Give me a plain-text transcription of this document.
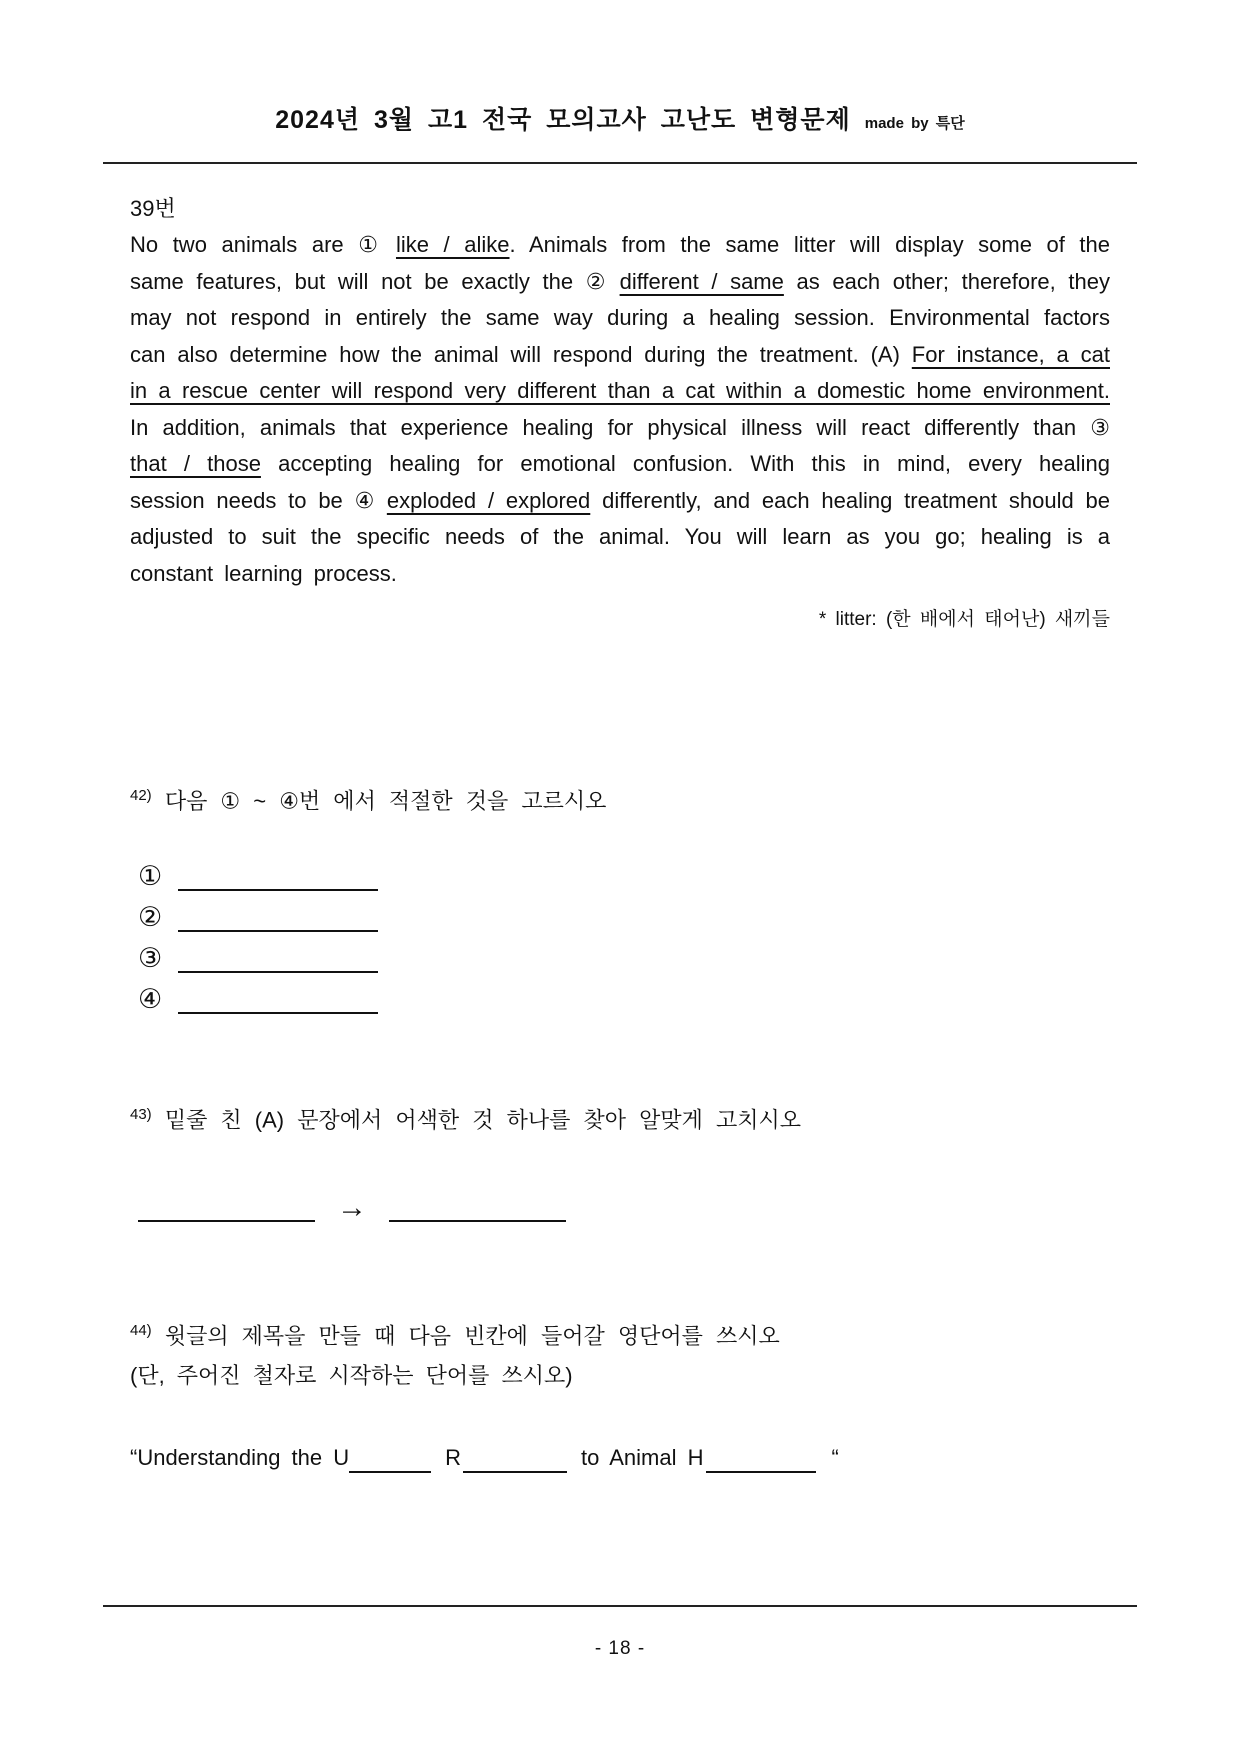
2024년 3월 고1 전국 모의고사 고난도 변형문제 made by 특단
39번

No two animals are ① like / alike. Animals from the same litter will display some of the same features, but will not be exactly the ② different / same as each other; therefore, they may not respond in entirely the same way during a healing session. Environmental factors can also determine how the animal will respond during the treatment. (A) For instance, a cat in a rescue center will respond very different than a cat within a domestic home environment. In addition, animals that experience healing for physical illness will react differently than ③ that / those accepting healing for emotional confusion. With this in mind, every healing session needs to be ④ exploded / explored differently, and each healing treatment should be adjusted to suit the specific needs of the animal. You will learn as you go; healing is a constant learning process.

* litter: (한 배에서 태어난) 새끼들
$^{42)}$ 다음 ① ~ ④번 에서 적절한 것을 고르시오
①
②
③
④
$^{43)}$ 밑줄 친 (A) 문장에서 어색한 것 하나를 찾아 알맞게 고치시오
→
$^{44)}$ 윗글의 제목을 만들 때 다음 빈칸에 들어갈 영단어를 쓰시오
(단, 주어진 철자로 시작하는 단어를 쓰시오)
“ Understanding the U	R	to Animal H	“
- 18 -
